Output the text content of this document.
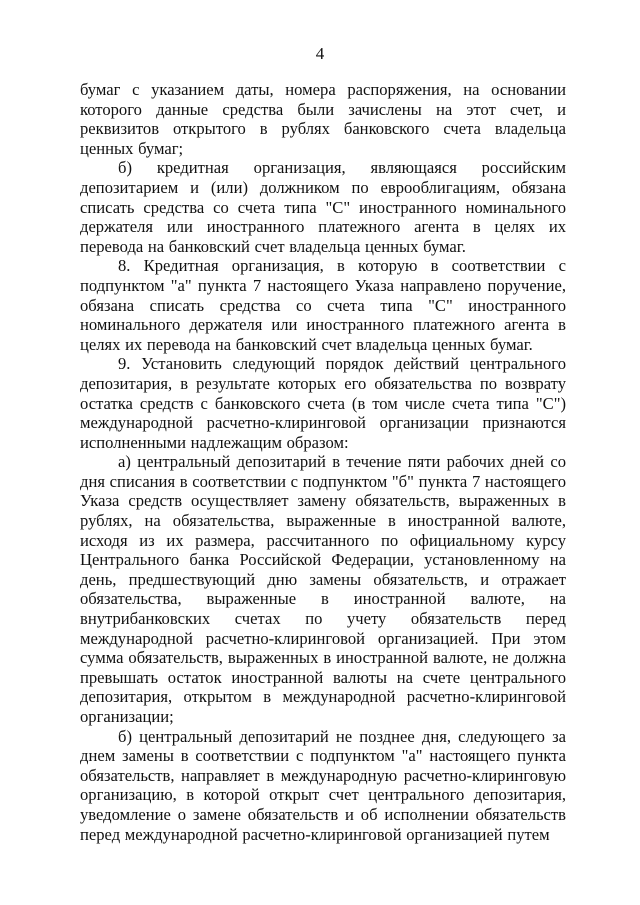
4

бумаг с указанием даты, номера распоряжения, на основании которого данные средства были зачислены на этот счет, и реквизитов открытого в рублях банковского счета владельца ценных бумаг;

б) кредитная организация, являющаяся российским депозитарием и (или) должником по еврооблигациям, обязана списать средства со счета типа "С" иностранного номинального держателя или иностранного платежного агента в целях их перевода на банковский счет владельца ценных бумаг.

8. Кредитная организация, в которую в соответствии с подпунктом "а" пункта 7 настоящего Указа направлено поручение, обязана списать средства со счета типа "С" иностранного номинального держателя или иностранного платежного агента в целях их перевода на банковский счет владельца ценных бумаг.

9. Установить следующий порядок действий центрального депозитария, в результате которых его обязательства по возврату остатка средств с банковского счета (в том числе счета типа "С") международной расчетно-клиринговой организации признаются исполненными надлежащим образом:

а) центральный депозитарий в течение пяти рабочих дней со дня списания в соответствии с подпунктом "б" пункта 7 настоящего Указа средств осуществляет замену обязательств, выраженных в рублях, на обязательства, выраженные в иностранной валюте, исходя из их размера, рассчитанного по официальному курсу Центрального банка Российской Федерации, установленному на день, предшествующий дню замены обязательств, и отражает обязательства, выраженные в иностранной валюте, на внутрибанковских счетах по учету обязательств перед международной расчетно-клиринговой организацией. При этом сумма обязательств, выраженных в иностранной валюте, не должна превышать остаток иностранной валюты на счете центрального депозитария, открытом в международной расчетно-клиринговой организации;

б) центральный депозитарий не позднее дня, следующего за днем замены в соответствии с подпунктом "а" настоящего пункта обязательств, направляет в международную расчетно-клиринговую организацию, в которой открыт счет центрального депозитария, уведомление о замене обязательств и об исполнении обязательств перед международной расчетно-клиринговой организацией путем
